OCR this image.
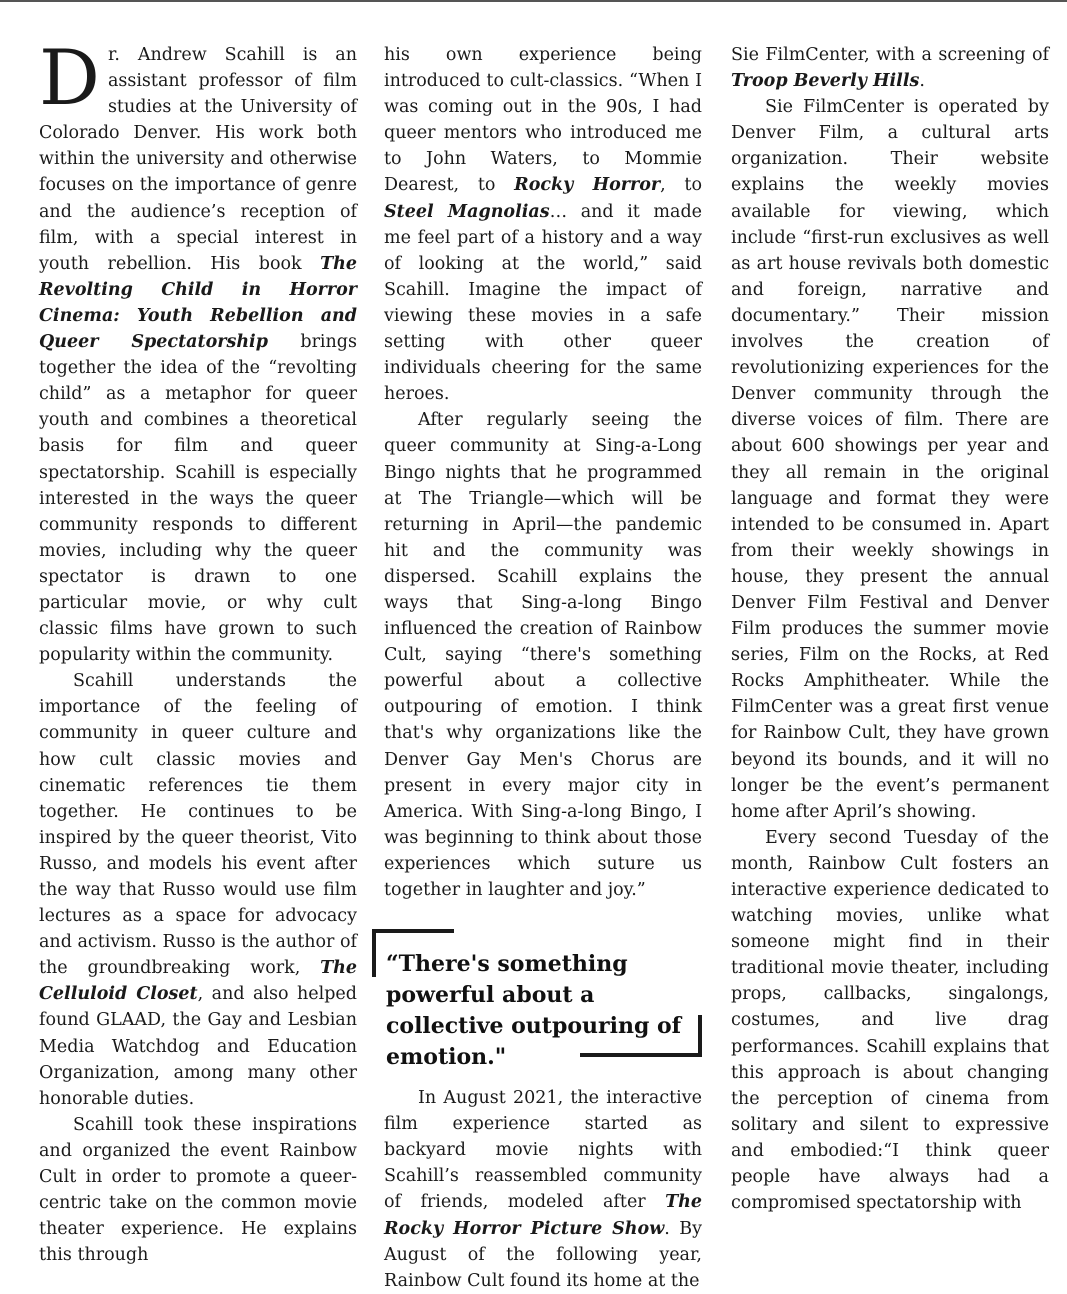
Dr. Andrew Scahill is an assistant professor of film studies at the University of Colorado Denver. His work both within the university and otherwise focuses on the importance of genre and the audience’s reception of film, with a special interest in youth rebellion. His book The Revolting Child in Horror Cinema: Youth Rebellion and Queer Spectatorship brings together the idea of the “revolting child” as a metaphor for queer youth and combines a theoretical basis for film and queer spectatorship. Scahill is especially interested in the ways the queer community responds to different movies, including why the queer spectator is drawn to one particular movie, or why cult classic films have grown to such popularity within the community.

Scahill understands the importance of the feeling of community in queer culture and how cult classic movies and cinematic references tie them together. He continues to be inspired by the queer theorist, Vito Russo, and models his event after the way that Russo would use film lectures as a space for advocacy and activism. Russo is the author of the groundbreaking work, The Celluloid Closet, and also helped found GLAAD, the Gay and Lesbian Media Watchdog and Education Organization, among many other honorable duties.

Scahill took these inspirations and organized the event Rainbow Cult in order to promote a queer-centric take on the common movie theater experience. He explains this through

his own experience being introduced to cult-classics. “When I was coming out in the 90s, I had queer mentors who introduced me to John Waters, to Mommie Dearest, to Rocky Horror, to Steel Magnolias… and it made me feel part of a history and a way of looking at the world,” said Scahill. Imagine the impact of viewing these movies in a safe setting with other queer individuals cheering for the same heroes.

After regularly seeing the queer community at Sing-a-Long Bingo nights that he programmed at The Triangle—which will be returning in April—the pandemic hit and the community was dispersed. Scahill explains the ways that Sing-a-long Bingo influenced the creation of Rainbow Cult, saying “there's something powerful about a collective outpouring of emotion. I think that's why organizations like the Denver Gay Men's Chorus are present in every major city in America. With Sing-a-long Bingo, I was beginning to think about those experiences which suture us together in laughter and joy.”

“There's something powerful about a collective outpouring of emotion."

In August 2021, the interactive film experience started as backyard movie nights with Scahill’s reassembled community of friends, modeled after The Rocky Horror Picture Show. By August of the following year, Rainbow Cult found its home at the

Sie FilmCenter, with a screening of Troop Beverly Hills.

Sie FilmCenter is operated by Denver Film, a cultural arts organization. Their website explains the weekly movies available for viewing, which include “first-run exclusives as well as art house revivals both domestic and foreign, narrative and documentary.” Their mission involves the creation of revolutionizing experiences for the Denver community through the diverse voices of film. There are about 600 showings per year and they all remain in the original language and format they were intended to be consumed in. Apart from their weekly showings in house, they present the annual Denver Film Festival and Denver Film produces the summer movie series, Film on the Rocks, at Red Rocks Amphitheater. While the FilmCenter was a great first venue for Rainbow Cult, they have grown beyond its bounds, and it will no longer be the event’s permanent home after April’s showing.

Every second Tuesday of the month, Rainbow Cult fosters an interactive experience dedicated to watching movies, unlike what someone might find in their traditional movie theater, including props, callbacks, singalongs, costumes, and live drag performances. Scahill explains that this approach is about changing the perception of cinema from solitary and silent to expressive and embodied:“I think queer people have always had a compromised spectatorship with
